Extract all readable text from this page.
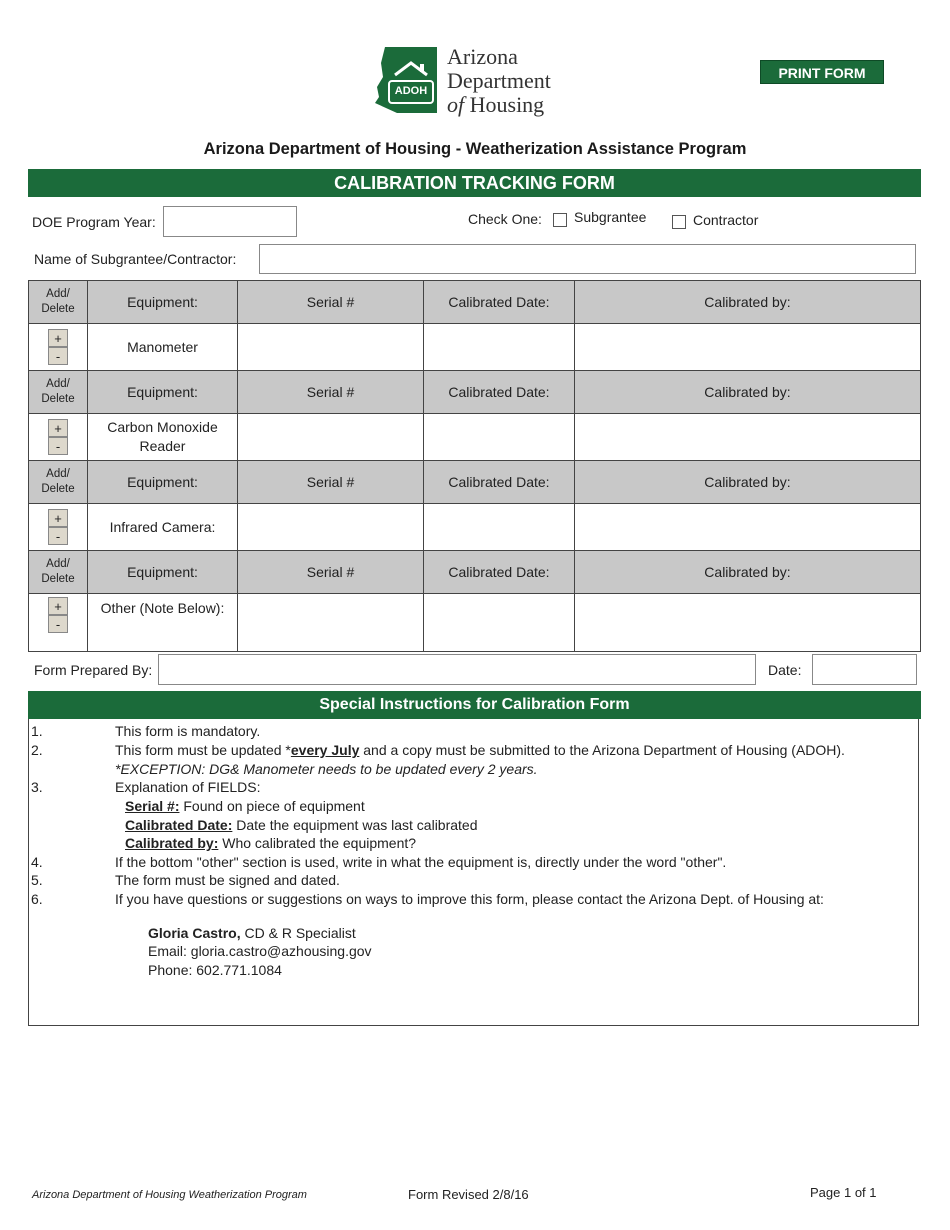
ADOH
Arizona
Department
of Housing
PRINT FORM
Arizona Department of Housing - Weatherization Assistance Program
CALIBRATION TRACKING FORM
DOE Program Year:	Check One: Subgrantee	Contractor
Name of Subgrantee/Contractor:
Add/
Delete	Equipment:	Serial #	Calibrated Date:	Calibrated by:

+
-	Manometer			
Add/
Delete	Equipment:	Serial #	Calibrated Date:	Calibrated by:

+
-	Carbon Monoxide Reader			
Add/
Delete	Equipment:	Serial #	Calibrated Date:	Calibrated by:

+
-	Infrared Camera:			
Add/
Delete	Equipment:	Serial #	Calibrated Date:	Calibrated by:

+
-	Other (Note Below):			
Form Prepared By:	Date:
Special Instructions for Calibration Form
1.	This form is mandatory.
2.	This form must be updated *every July and a copy must be submitted to the Arizona Department of Housing (ADOH).
*EXCEPTION: DG& Manometer needs to be updated every 2 years.
3.	Explanation of FIELDS:
Serial #: Found on piece of equipment
Calibrated Date: Date the equipment was last calibrated
Calibrated by: Who calibrated the equipment?
4.	If the bottom "other" section is used, write in what the equipment is, directly under the word "other".
5.	The form must be signed and dated.
6.	If you have questions or suggestions on ways to improve this form, please contact the Arizona Dept. of Housing at:
Gloria Castro, CD & R Specialist
Email: gloria.castro@azhousing.gov
Phone: 602.771.1084
Arizona Department of Housing Weatherization Program	Form Revised 2/8/16	Page 1 of 1
